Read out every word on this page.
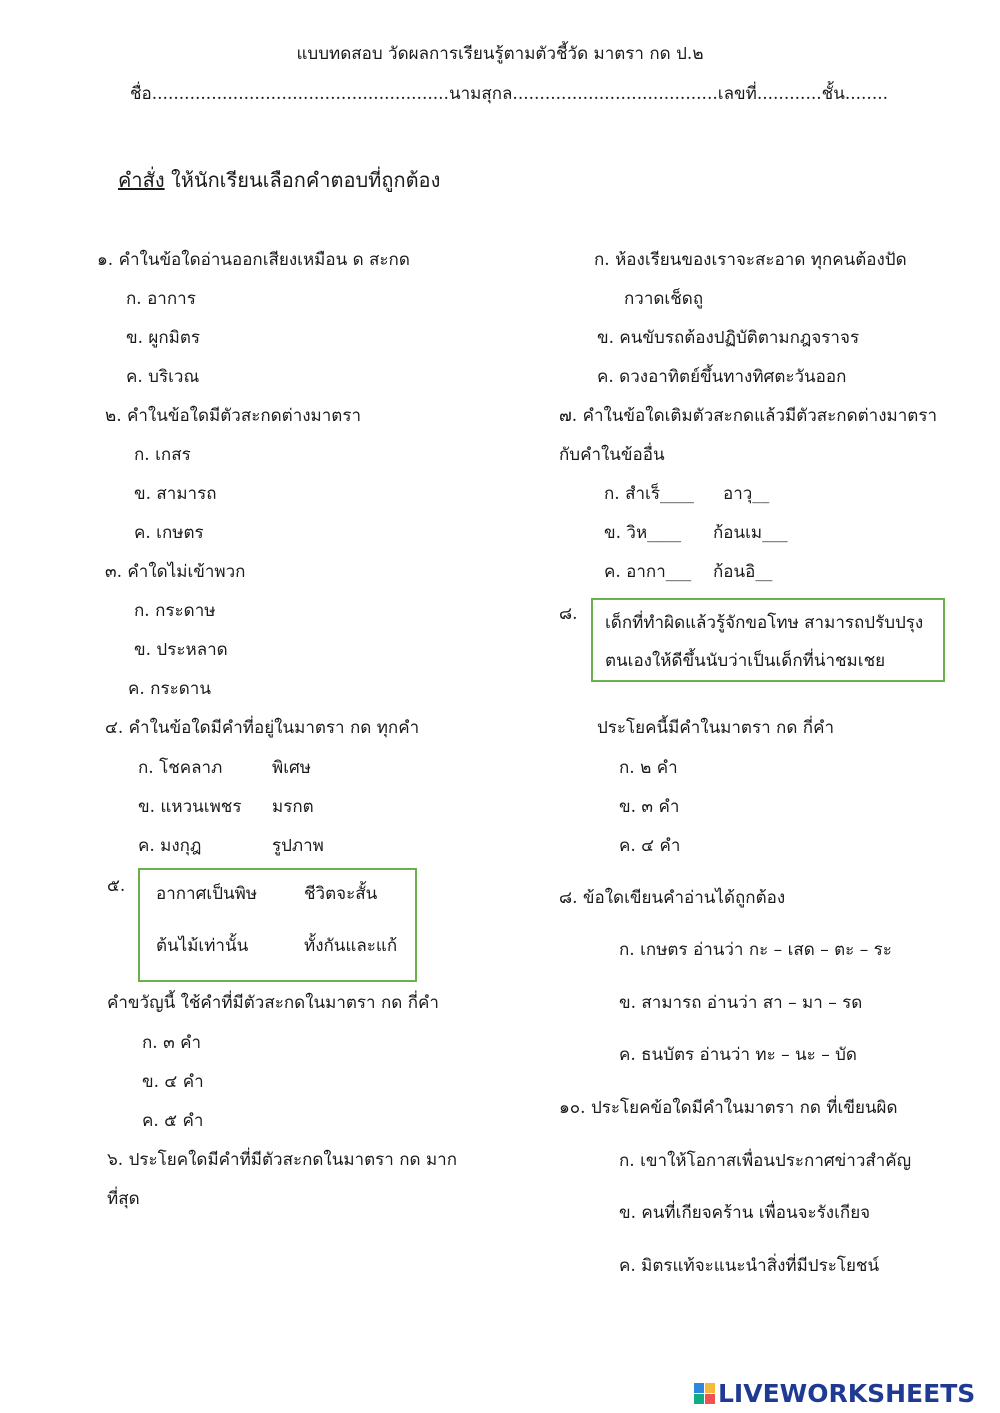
แบบทดสอบ วัดผลการเรียนรู้ตามตัวชี้วัด มาตรา กด ป.๒
ชื่อ.......................................................นามสุกล......................................เลขที่............ชั้น........
คำสั่ง ให้นักเรียนเลือกคำตอบที่ถูกต้อง
๑. คำในข้อใดอ่านออกเสียงเหมือน ด สะกด
ก. อาการ
ข. ผูกมิตร
ค. บริเวณ
๒. คำในข้อใดมีตัวสะกดต่างมาตรา
ก. เกสร
ข. สามารถ
ค. เกษตร
๓. คำใดไม่เข้าพวก
ก. กระดาษ
ข. ประหลาด
ค. กระดาน
๔. คำในข้อใดมีคำที่อยู่ในมาตรา กด ทุกคำ
ก. โชคลาภ	พิเศษ
ข. แหวนเพชร มรกต
ค. มงกุฎ	รูปภาพ
๕. อากาศเป็นพิษ	ชีวิตจะสั้น
ต้นไม้เท่านั้น	ทั้งกันและแก้
คำขวัญนี้ ใช้คำที่มีตัวสะกดในมาตรา กด กี่คำ
ก. ๓ คำ
ข. ๔ คำ
ค. ๕ คำ
๖. ประโยคใดมีคำที่มีตัวสะกดในมาตรา กด มาก
ที่สุด
ก. ห้องเรียนของเราจะสะอาด ทุกคนต้องปัด
กวาดเช็ดถู
ข. คนขับรถต้องปฏิบัติตามกฎจราจร
ค. ดวงอาทิตย์ขึ้นทางทิศตะวันออก
๗. คำในข้อใดเติมตัวสะกดแล้วมีตัวสะกดต่างมาตรา
กับคำในข้ออื่น
ก. สำเร็____ อาวุ__
ข. วิห____ ก้อนเม___
ค. อากา___ ก้อนอิ__
๘. เด็กที่ทำผิดแล้วรู้จักขอโทษ สามารถปรับปรุง
ตนเองให้ดีขึ้นนับว่าเป็นเด็กที่น่าชมเชย
ประโยคนี้มีคำในมาตรา กด กี่คำ
ก. ๒ คำ
ข. ๓ คำ
ค. ๔ คำ
๘. ข้อใดเขียนคำอ่านได้ถูกต้อง
ก. เกษตร อ่านว่า กะ – เสด – ตะ – ระ
ข. สามารถ อ่านว่า สา – มา – รด
ค. ธนบัตร อ่านว่า ทะ – นะ – บัด
๑๐. ประโยคข้อใดมีคำในมาตรา กด ที่เขียนผิด
ก. เขาให้โอกาสเพื่อนประกาศข่าวสำคัญ
ข. คนที่เกียจคร้าน เพื่อนจะรังเกียจ
ค. มิตรแท้จะแนะนำสิ่งที่มีประโยชน์
LIVEWORKSHEETS
